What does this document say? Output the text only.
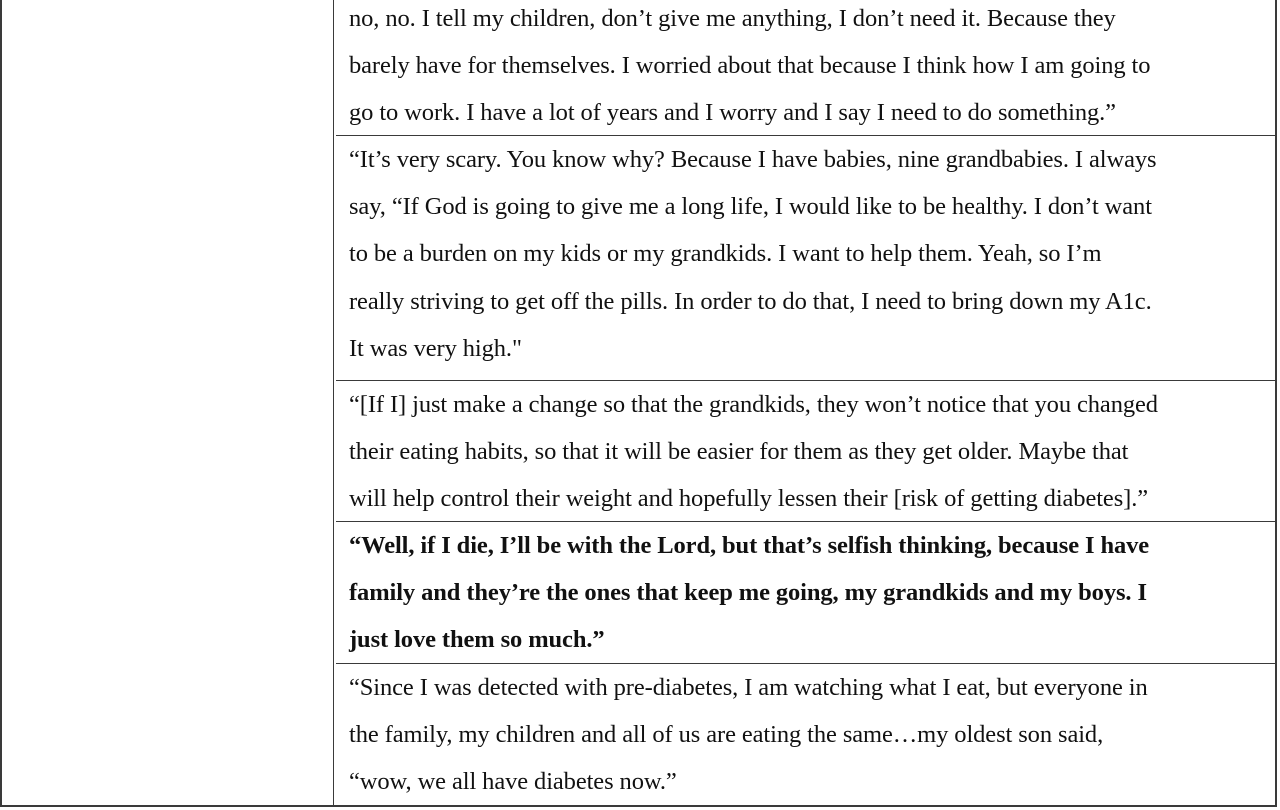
no, no. I tell my children, don’t give me anything, I don’t need it. Because they
barely have for themselves. I worried about that because I think how I am going to
go to work. I have a lot of years and I worry and I say I need to do something.”
“It’s very scary. You know why? Because I have babies, nine grandbabies. I always
say, “If God is going to give me a long life, I would like to be healthy. I don’t want
to be a burden on my kids or my grandkids. I want to help them. Yeah, so I’m
really striving to get off the pills. In order to do that, I need to bring down my A1c.
It was very high."
“[If I] just make a change so that the grandkids, they won’t notice that you changed
their eating habits, so that it will be easier for them as they get older. Maybe that
will help control their weight and hopefully lessen their [risk of getting diabetes].”
“Well, if I die, I’ll be with the Lord, but that’s selfish thinking, because I have
family and they’re the ones that keep me going, my grandkids and my boys. I
just love them so much.”
“Since I was detected with pre-diabetes, I am watching what I eat, but everyone in
the family, my children and all of us are eating the same…my oldest son said,
“wow, we all have diabetes now.”
